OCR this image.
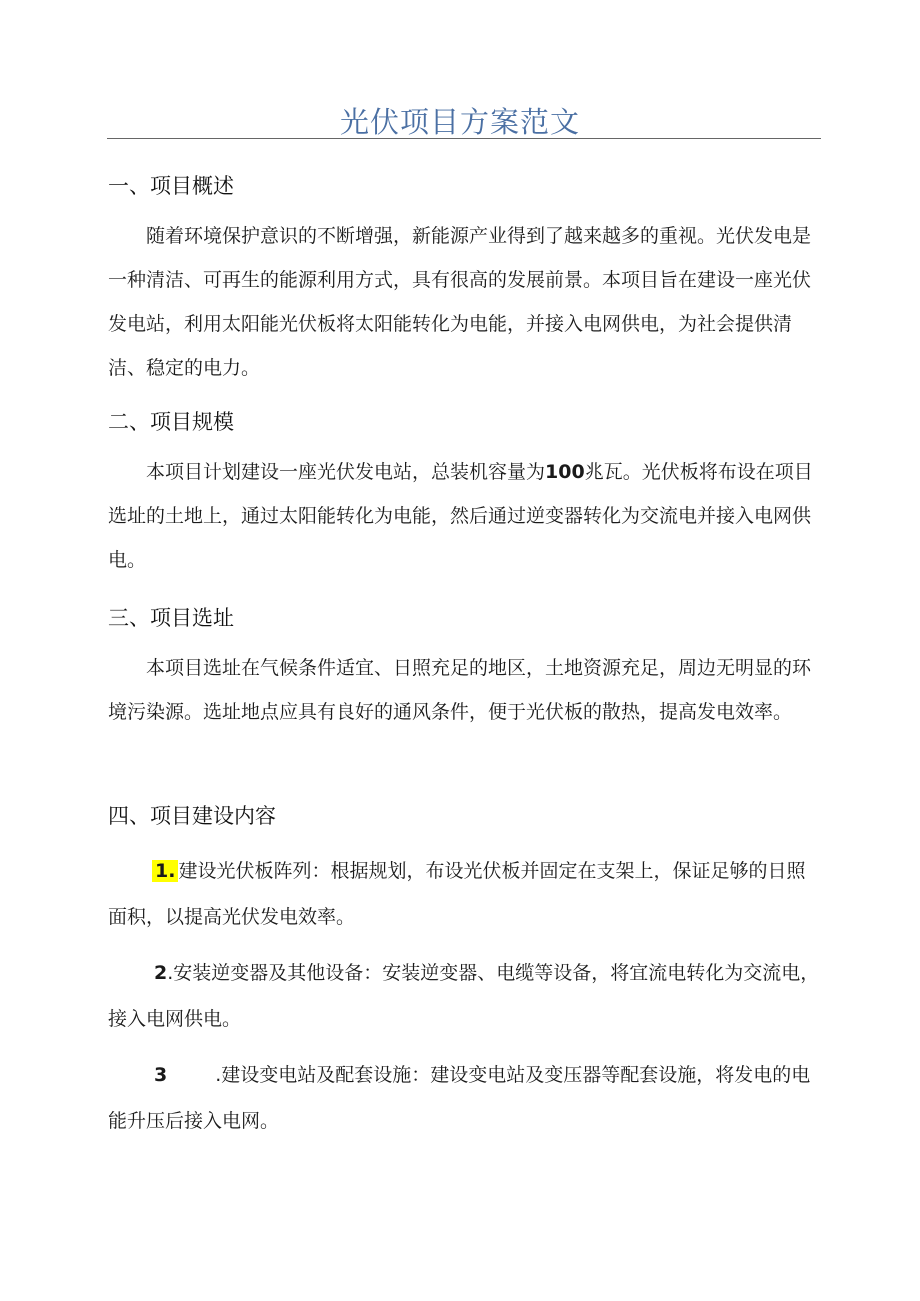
光伏项目方案范文
一、项目概述

随着环境保护意识的不断增强，新能源产业得到了越来越多的重视。光伏发电是一种清洁、可再生的能源利用方式，具有很高的发展前景。本项目旨在建设一座光伏发电站，利用太阳能光伏板将太阳能转化为电能，并接入电网供电，为社会提供清洁、稳定的电力。

二、项目规模

本项目计划建设一座光伏发电站，总装机容量为100兆瓦。光伏板将布设在项目选址的土地上，通过太阳能转化为电能，然后通过逆变器转化为交流电并接入电网供电。

三、项目选址

本项目选址在气候条件适宜、日照充足的地区，土地资源充足，周边无明显的环境污染源。选址地点应具有良好的通风条件，便于光伏板的散热，提高发电效率。

四、项目建设内容

1. 建设光伏板阵列：根据规划，布设光伏板并固定在支架上，保证足够的日照面积，以提高光伏发电效率。

2.安装逆变器及其他设备：安装逆变器、电缆等设备，将宜流电转化为交流电，接入电网供电。

3	.建设变电站及配套设施：建设变电站及变压器等配套设施，将发电的电能升压后接入电网。
